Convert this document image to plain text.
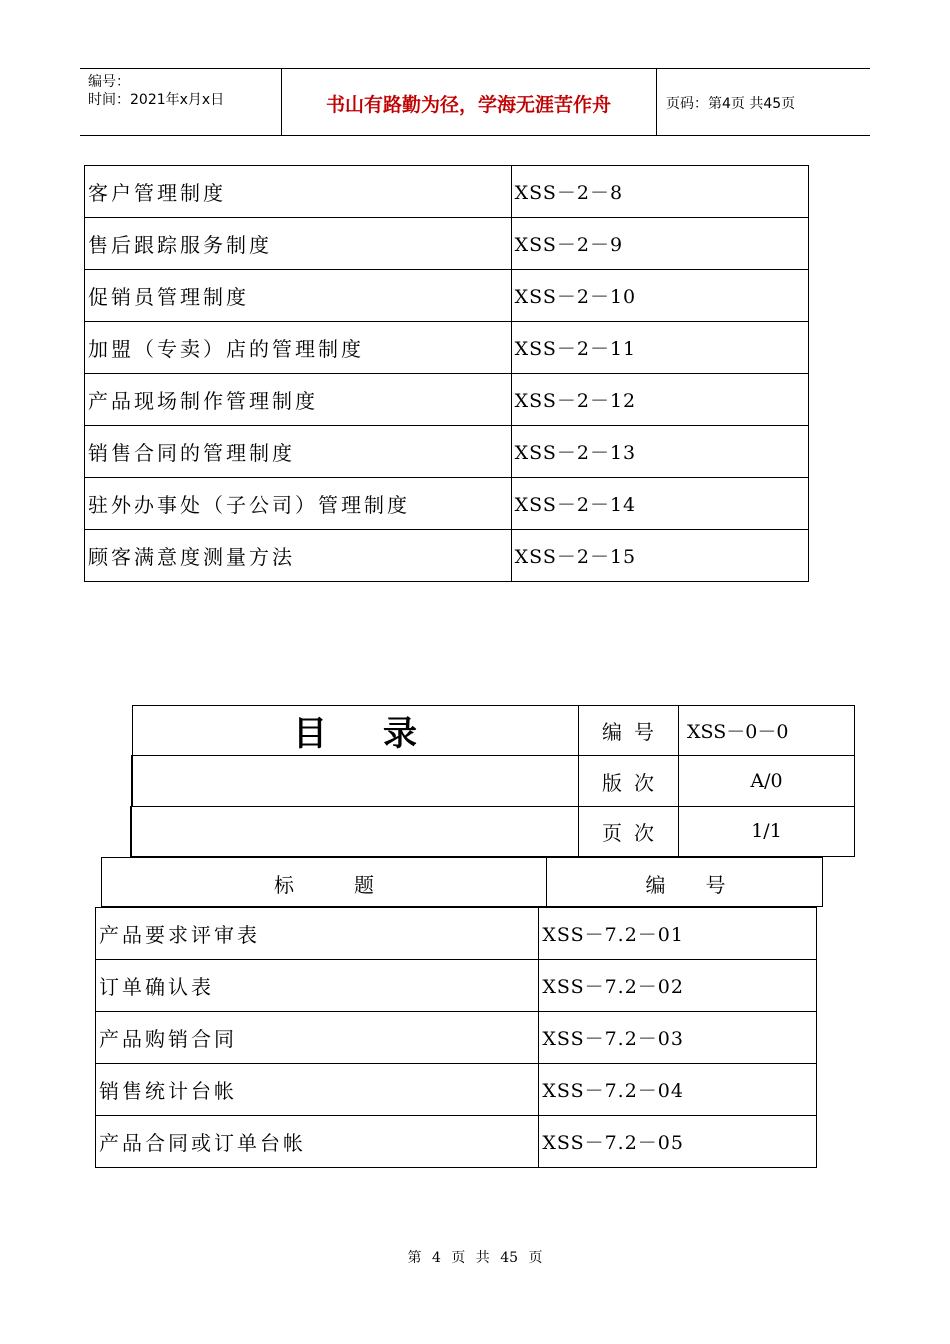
编号：
时间：2021年x月x日	书山有路勤为径，学海无涯苦作舟	页码：第4页 共45页
客户管理制度	XSS－2－8
售后跟踪服务制度	XSS－2－9
促销员管理制度	XSS－2－10
加盟（专卖）店的管理制度	XSS－2－11
产品现场制作管理制度	XSS－2－12
销售合同的管理制度	XSS－2－13
驻外办事处（子公司）管理制度	XSS－2－14
顾客满意度测量方法	XSS－2－15
目录	编号	XSS－0－0
版次	A/0
页次	1/1
标　　　题	编　　号
产品要求评审表	XSS－7.2－01
订单确认表	XSS－7.2－02
产品购销合同	XSS－7.2－03
销售统计台帐	XSS－7.2－04
产品合同或订单台帐	XSS－7.2－05
第 4 页 共 45 页
